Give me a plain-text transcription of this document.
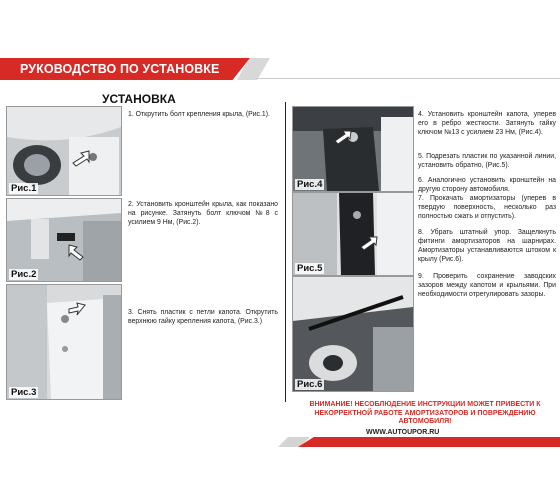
РУКОВОДСТВО ПО УСТАНОВКЕ
УСТАНОВКА
Рис.1
1. Открутить болт крепления крыла, (Рис.1).
Рис.2
2. Установить кронштейн крыла, как показано на рисунке. Затянуть болт ключом №8 с усилием 9 Нм, (Рис.2).
Рис.3
3. Снять пластик с петли капота. Открутить верхнюю гайку крепления капота, (Рис.3.)
Рис.4
4. Установить кронштейн капота, уперев его в ребро жесткости. Затянуть гайку ключом №13 с усилием 23 Нм, (Рис.4).
5. Подрезать пластик по указанной линии, установить обратно, (Рис.5).
6. Аналогично установить кронштейн на другую сторону автомобиля.
Рис.5
7. Прокачать амортизаторы (уперев в твердую поверхность, несколько раз полностью сжать и отпустить).
8. Убрать штатный упор. Защелкнуть фитинги амортизаторов на шарнирах. Амортизаторы устанавливаются штоком к крылу (Рис.6).
Рис.6
9. Проверить сохранение заводских зазоров между капотом и крыльями. При необходимости отрегулировать зазоры.
ВНИМАНИЕ! НЕСОБЛЮДЕНИЕ ИНСТРУКЦИИ МОЖЕТ ПРИВЕСТИ К НЕКОРРЕКТНОЙ РАБОТЕ АМОРТИЗАТОРОВ И ПОВРЕЖДЕНИЮ АВТОМОБИЛЯ!
WWW.AUTOUPOR.RU
